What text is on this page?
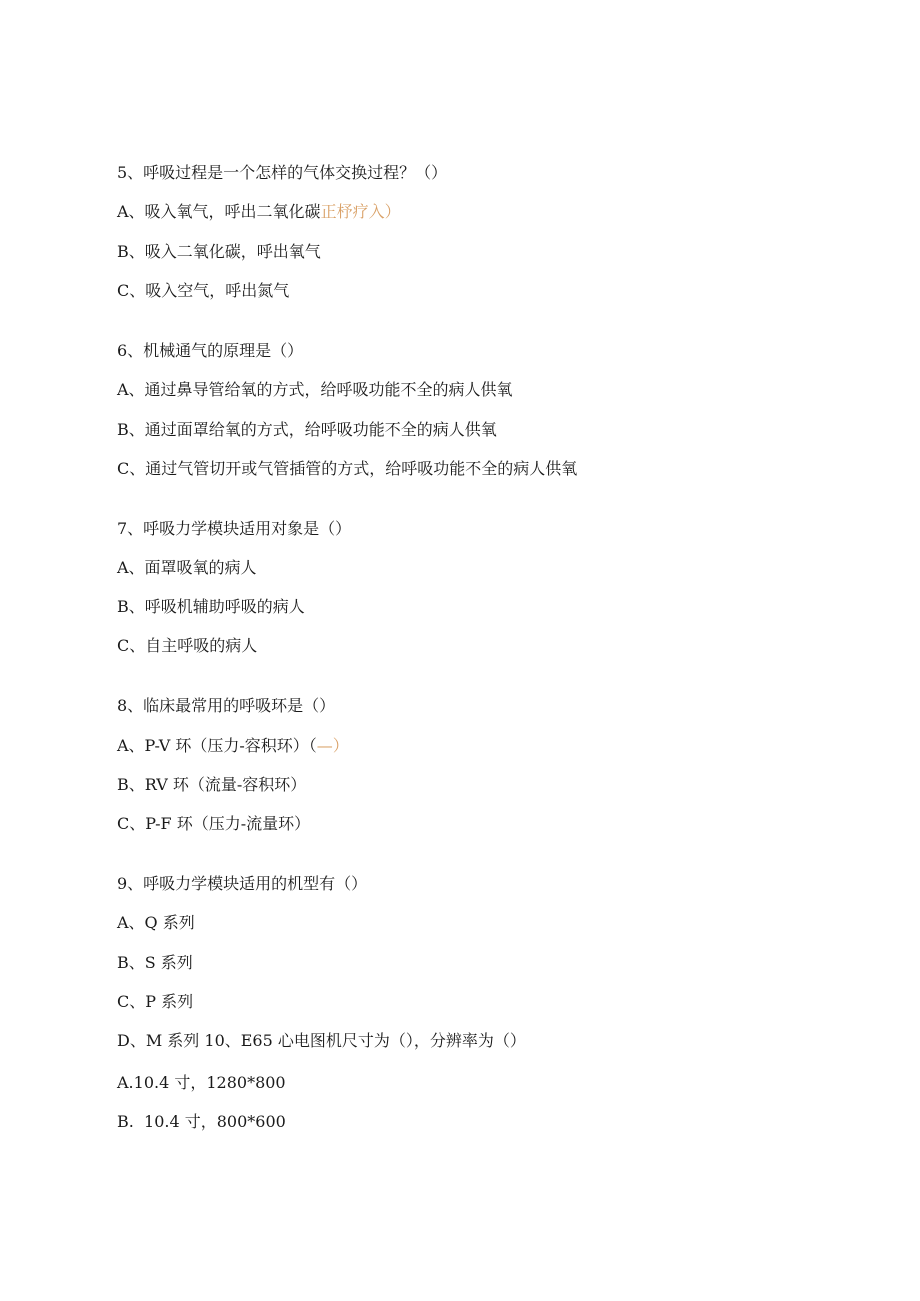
5、呼吸过程是一个怎样的气体交换过程？（）
A、吸入氧气，呼出二氧化碳正杼疗入）
B、吸入二氧化碳，呼出氧气
C、吸入空气，呼出氮气
6、机械通气的原理是（）
A、通过鼻导管给氧的方式，给呼吸功能不全的病人供氧
B、通过面罩给氧的方式，给呼吸功能不全的病人供氧
C、通过气管切开或气管插管的方式，给呼吸功能不全的病人供氧
7、呼吸力学模块适用对象是（）
A、面罩吸氧的病人
B、呼吸机辅助呼吸的病人
C、自主呼吸的病人
8、临床最常用的呼吸环是（）
A、P-V 环（压力-容积环）（—）
B、RV 环（流量-容积环）
C、P-F 环（压力-流量环）
9、呼吸力学模块适用的机型有（）
A、Q 系列
B、S 系列
C、P 系列
D、M 系列 10、E65 心电图机尺寸为（），分辨率为（）
A.10.4 寸，1280*800
B.  10.4 寸，800*600
